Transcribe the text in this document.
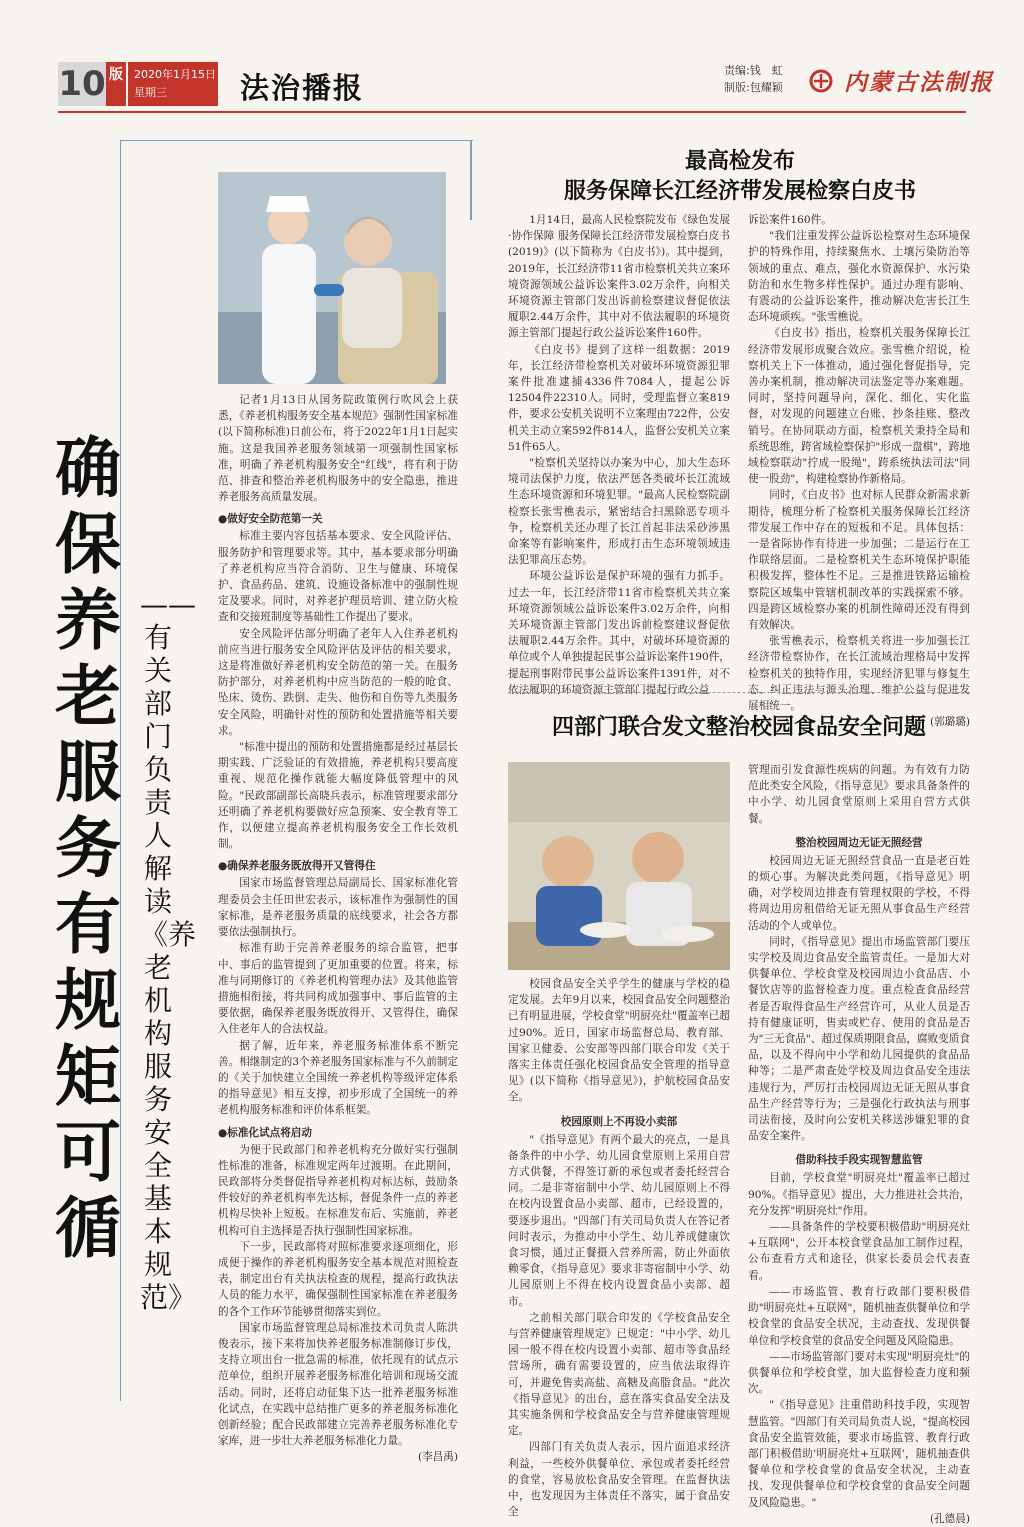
10 版 2020年1月15日
星期三	法治播报
责编:钱　虹
制版:包耀颖	内蒙古法制报
确保养老服务有规矩可循
——有关部门负责人解读《养老机构服务安全基本规范》

记者1月13日从国务院政策例行吹风会上获悉，《养老机构服务安全基本规范》强制性国家标准(以下简称标准)日前公布，将于2022年1月1日起实施。这是我国养老服务领域第一项强制性国家标准，明确了养老机构服务安全"红线"，将有利于防范、排查和整治养老机构服务中的安全隐患，推进养老服务高质量发展。

●做好安全防范第一关

标准主要内容包括基本要求、安全风险评估、服务防护和管理要求等。其中，基本要求部分明确了养老机构应当符合消防、卫生与健康、环境保护、食品药品、建筑、设施设备标准中的强制性规定及要求。同时，对养老护理员培训、建立防火检查和交接班制度等基础性工作提出了要求。

安全风险评估部分明确了老年人入住养老机构前应当进行服务安全风险评估及评估的相关要求，这是将准做好养老机构安全防范的第一关。在服务防护部分，对养老机构中应当防范的一般的呛食、坠床、烫伤、跌倒、走失、他伤和自伤等九类服务安全风险，明确针对性的预防和处置措施等相关要求。

"标准中提出的预防和处置措施都是经过基层长期实践、广泛验证的有效措施，养老机构只要高度重视、规范化操作就能大幅度降低管理中的风险。"民政部副部长高晓兵表示，标准管理要求部分还明确了养老机构要做好应急预案、安全教育等工作，以便建立提高养老机构服务安全工作长效机制。

●确保养老服务既放得开又管得住

国家市场监督管理总局副局长、国家标准化管理委员会主任田世宏表示，该标准作为强制性的国家标准，是养老服务质量的底线要求，社会各方都要依法强制执行。

标准有助于完善养老服务的综合监管，把事中、事后的监管提到了更加重要的位置。将来，标准与同期修订的《养老机构管理办法》及其他监管措施相衔接，将共同构成加强事中、事后监管的主要依据，确保养老服务既放得开、又管得住，确保入住老年人的合法权益。

据了解，近年来，养老服务标准体系不断完善。相继制定的3个养老服务国家标准与不久前制定的《关于加快建立全国统一养老机构等级评定体系的指导意见》相互支撑，初步形成了全国统一的养老机构服务标准和评价体系框架。

●标准化试点将启动

为便于民政部门和养老机构充分做好实行强制性标准的准备，标准规定两年过渡期。在此期间，民政部将分类督促指导养老机构对标达标，鼓励条件较好的养老机构率先达标，督促条件一点的养老机构尽快补上短板。在标准发布后、实施前，养老机构可自主选择是否执行强制性国家标准。

下一步，民政部将对照标准要求逐项细化，形成便于操作的养老机构服务安全基本规范对照检查表，制定出台有关执法检查的规程，提高行政执法人员的能力水平，确保强制性国家标准在养老服务的各个工作环节能够贯彻落实到位。

国家市场监督管理总局标准技术司负责人陈洪俊表示，接下来将加快养老服务标准制修订步伐，支持立项出台一批急需的标准，依托现有的试点示范单位，组织开展养老服务标准化培训和现场交流活动。同时，还将启动征集下达一批养老服务标准化试点，在实践中总结推广更多的养老服务标准化创新经验；配合民政部建立完善养老服务标准化专家库，进一步壮大养老服务标准化力量。

(李昌禹)

最高检发布
服务保障长江经济带发展检察白皮书

1月14日，最高人民检察院发布《绿色发展·协作保障 服务保障长江经济带发展检察白皮书(2019)》(以下简称为《白皮书》)。其中提到，2019年，长江经济带11省市检察机关共立案环境资源领域公益诉讼案件3.02万余件，向相关环境资源主管部门发出诉前检察建议督促依法履职2.44万余件，其中对不依法履职的环境资源主管部门提起行政公益诉讼案件160件。

《白皮书》提到了这样一组数据：2019年，长江经济带检察机关对破坏环境资源犯罪案件批准逮捕4336件7084人，提起公诉12504件22310人。同时，受理监督立案819件，要求公安机关说明不立案理由722件，公安机关主动立案592件814人，监督公安机关立案51件65人。

"检察机关坚持以办案为中心，加大生态环境司法保护力度，依法严惩各类破坏长江流域生态环境资源和环境犯罪。"最高人民检察院副检察长张雪樵表示，紧密结合扫黑除恶专项斗争，检察机关还办理了长江首起非法采砂涉黑命案等有影响案件，形成打击生态环境领域违法犯罪高压态势。

环境公益诉讼是保护环境的强有力抓手。过去一年，长江经济带11省市检察机关共立案环境资源领域公益诉讼案件3.02万余件，向相关环境资源主管部门发出诉前检察建议督促依法履职2.44万余件。其中，对破坏环境资源的单位或个人单独提起民事公益诉讼案件190件，提起刑事附带民事公益诉讼案件1391件，对不依法履职的环境资源主管部门提起行政公益

诉讼案件160件。

"我们注重发挥公益诉讼检察对生态环境保护的特殊作用，持续聚焦水、土壤污染防治等领域的重点、难点，强化水资源保护、水污染防治和水生物多样性保护。通过办理有影响、有震动的公益诉讼案件，推动解决危害长江生态环境顽疾。"张雪樵说。

《白皮书》指出，检察机关服务保障长江经济带发展形成聚合效应。张雪樵介绍说，检察机关上下一体推动，通过强化督促指导，完善办案机制，推动解决司法鉴定等办案难题。同时，坚持问题导向，深化、细化、实化监督，对发现的问题建立台账、抄条挂账、整改销号。在协同联动方面，检察机关秉持全局和系统思维，跨省域检察保护"形成一盘棋"，跨地域检察联动"拧成一股绳"，跨系统执法司法"同使一股劲"，构建检察协作新格局。

同时，《白皮书》也对标人民群众新需求新期待，梳理分析了检察机关服务保障长江经济带发展工作中存在的短板和不足。具体包括：一是省际协作有待进一步加强；二是运行在工作联络层面。二是检察机关生态环境保护职能积极发挥，整体性不足。三是推进铁路运输检察院区域集中管辖机制改革的实践探索不够。四是跨区域检察办案的机制性障碍还没有得到有效解决。

张雪樵表示，检察机关将进一步加强长江经济带检察协作，在长江流域治理格局中发挥检察机关的独特作用，实现经济犯罪与修复生态、纠正违法与源头治理、维护公益与促进发展相统一。

(郭璐璐)

四部门联合发文整治校园食品安全问题

校园食品安全关乎学生的健康与学校的稳定发展。去年9月以来，校园食品安全问题整治已有明显进展，学校食堂"明厨亮灶"覆盖率已超过90%。近日，国家市场监督总局、教育部、国家卫健委、公安部等四部门联合印发《关于落实主体责任强化校园食品安全管理的指导意见》(以下简称《指导意见》)，护航校园食品安全。

校园原则上不再设小卖部

"《指导意见》有两个最大的亮点，一是具备条件的中小学、幼儿园食堂原则上采用自营方式供餐，不得签订新的承包或者委托经营合同。二是非寄宿制中小学、幼儿园原则上不得在校内设置食品小卖部、超市，已经设置的，要逐步退出。"四部门有关司局负责人在答记者问时表示，为推动中小学生、幼儿养成健康饮食习惯，通过正餐摄入营养所需，防止外面依赖零食，《指导意见》要求非寄宿制中小学、幼儿园原则上不得在校内设置食品小卖部、超市。

之前相关部门联合印发的《学校食品安全与营养健康管理规定》已规定："中小学、幼儿园一般不得在校内设置小卖部、超市等食品经营场所，确有需要设置的，应当依法取得许可，并避免售卖高盐、高糖及高脂食品。"此次《指导意见》的出台，意在落实食品安全法及其实施条例和学校食品安全与营养健康管理规定。

四部门有关负责人表示，因片面追求经济利益，一些校外供餐单位、承包或者委托经营的食堂，容易放松食品安全管理。在监督执法中，也发现因为主体责任不落实，属于食品安全

管理而引发食源性疾病的问题。为有效有力防范此类安全风险，《指导意见》要求具备条件的中小学、幼儿园食堂原则上采用自营方式供餐。

整治校园周边无证无照经营

校园周边无证无照经营食品一直是老百姓的烦心事。为解决此类问题，《指导意见》明确，对学校周边排查有管理权限的学校，不得将周边用房租借给无证无照从事食品生产经营活动的个人或单位。

同时，《指导意见》提出市场监管部门要压实学校及周边食品安全监管责任。一是加大对供餐单位、学校食堂及校园周边小食品店、小餐饮店等的监督检查力度。重点检查食品经营者是否取得食品生产经营许可，从业人员是否持有健康证明，售卖或贮存、使用的食品是否为"三无食品"、超过保质期限食品，腐败变质食品，以及不得向中小学和幼儿园提供的食品品种等；二是严肃查处学校及周边食品安全违法违规行为，严厉打击校园周边无证无照从事食品生产经营等行为；三是强化行政执法与刑事司法衔接，及时向公安机关移送涉嫌犯罪的食品安全案件。

借助科技手段实现智慧监管

目前，学校食堂"明厨亮灶"覆盖率已超过90%。《指导意见》提出，大力推进社会共治，充分发挥"明厨亮灶"作用。

——具备条件的学校要积极借助"明厨亮灶+互联网"，公开本校食堂食品加工制作过程，公布查看方式和途径，供家长委员会代表查看。

——市场监管、教育行政部门要积极借助"明厨亮灶+互联网"，随机抽查供餐单位和学校食堂的食品安全状况，主动查找、发现供餐单位和学校食堂的食品安全问题及风险隐患。

——市场监管部门要对未实现"明厨亮灶"的供餐单位和学校食堂，加大监督检查力度和频次。

"《指导意见》注重借助科技手段，实现智慧监管。"四部门有关司局负责人说，"提高校园食品安全监管效能，要求市场监管、教育行政部门积极借助'明厨亮灶+互联网'，随机抽查供餐单位和学校食堂的食品安全状况，主动查找、发现供餐单位和学校食堂的食品安全问题及风险隐患。"

(孔德晨)
